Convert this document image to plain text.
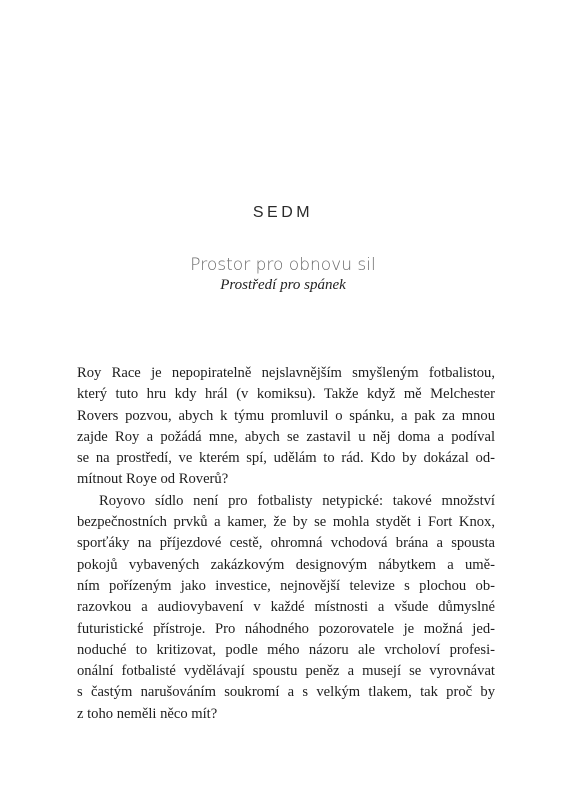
SEDM
Prostor pro obnovu sil
Prostředí pro spánek
Roy Race je nepopiratelně nejslavnějším smyšleným fotbalistou,
který tuto hru kdy hrál (v komiksu). Takže když mě Melchester
Rovers pozvou, abych k týmu promluvil o spánku, a pak za mnou
zajde Roy a požádá mne, abych se zastavil u něj doma a podíval
se na prostředí, ve kterém spí, udělám to rád. Kdo by dokázal od-
mítnout Roye od Roverů?
Royovo sídlo není pro fotbalisty netypické: takové množství
bezpečnostních prvků a kamer, že by se mohla stydět i Fort Knox,
sporťáky na příjezdové cestě, ohromná vchodová brána a spousta
pokojů vybavených zakázkovým designovým nábytkem a umě-
ním pořízeným jako investice, nejnovější televize s plochou ob-
razovkou a audiovybavení v každé místnosti a všude důmyslné
futuristické přístroje. Pro náhodného pozorovatele je možná jed-
noduché to kritizovat, podle mého názoru ale vrcholoví profesi-
onální fotbalisté vydělávají spoustu peněz a musejí se vyrovnávat
s častým narušováním soukromí a s velkým tlakem, tak proč by
z toho neměli něco mít?
